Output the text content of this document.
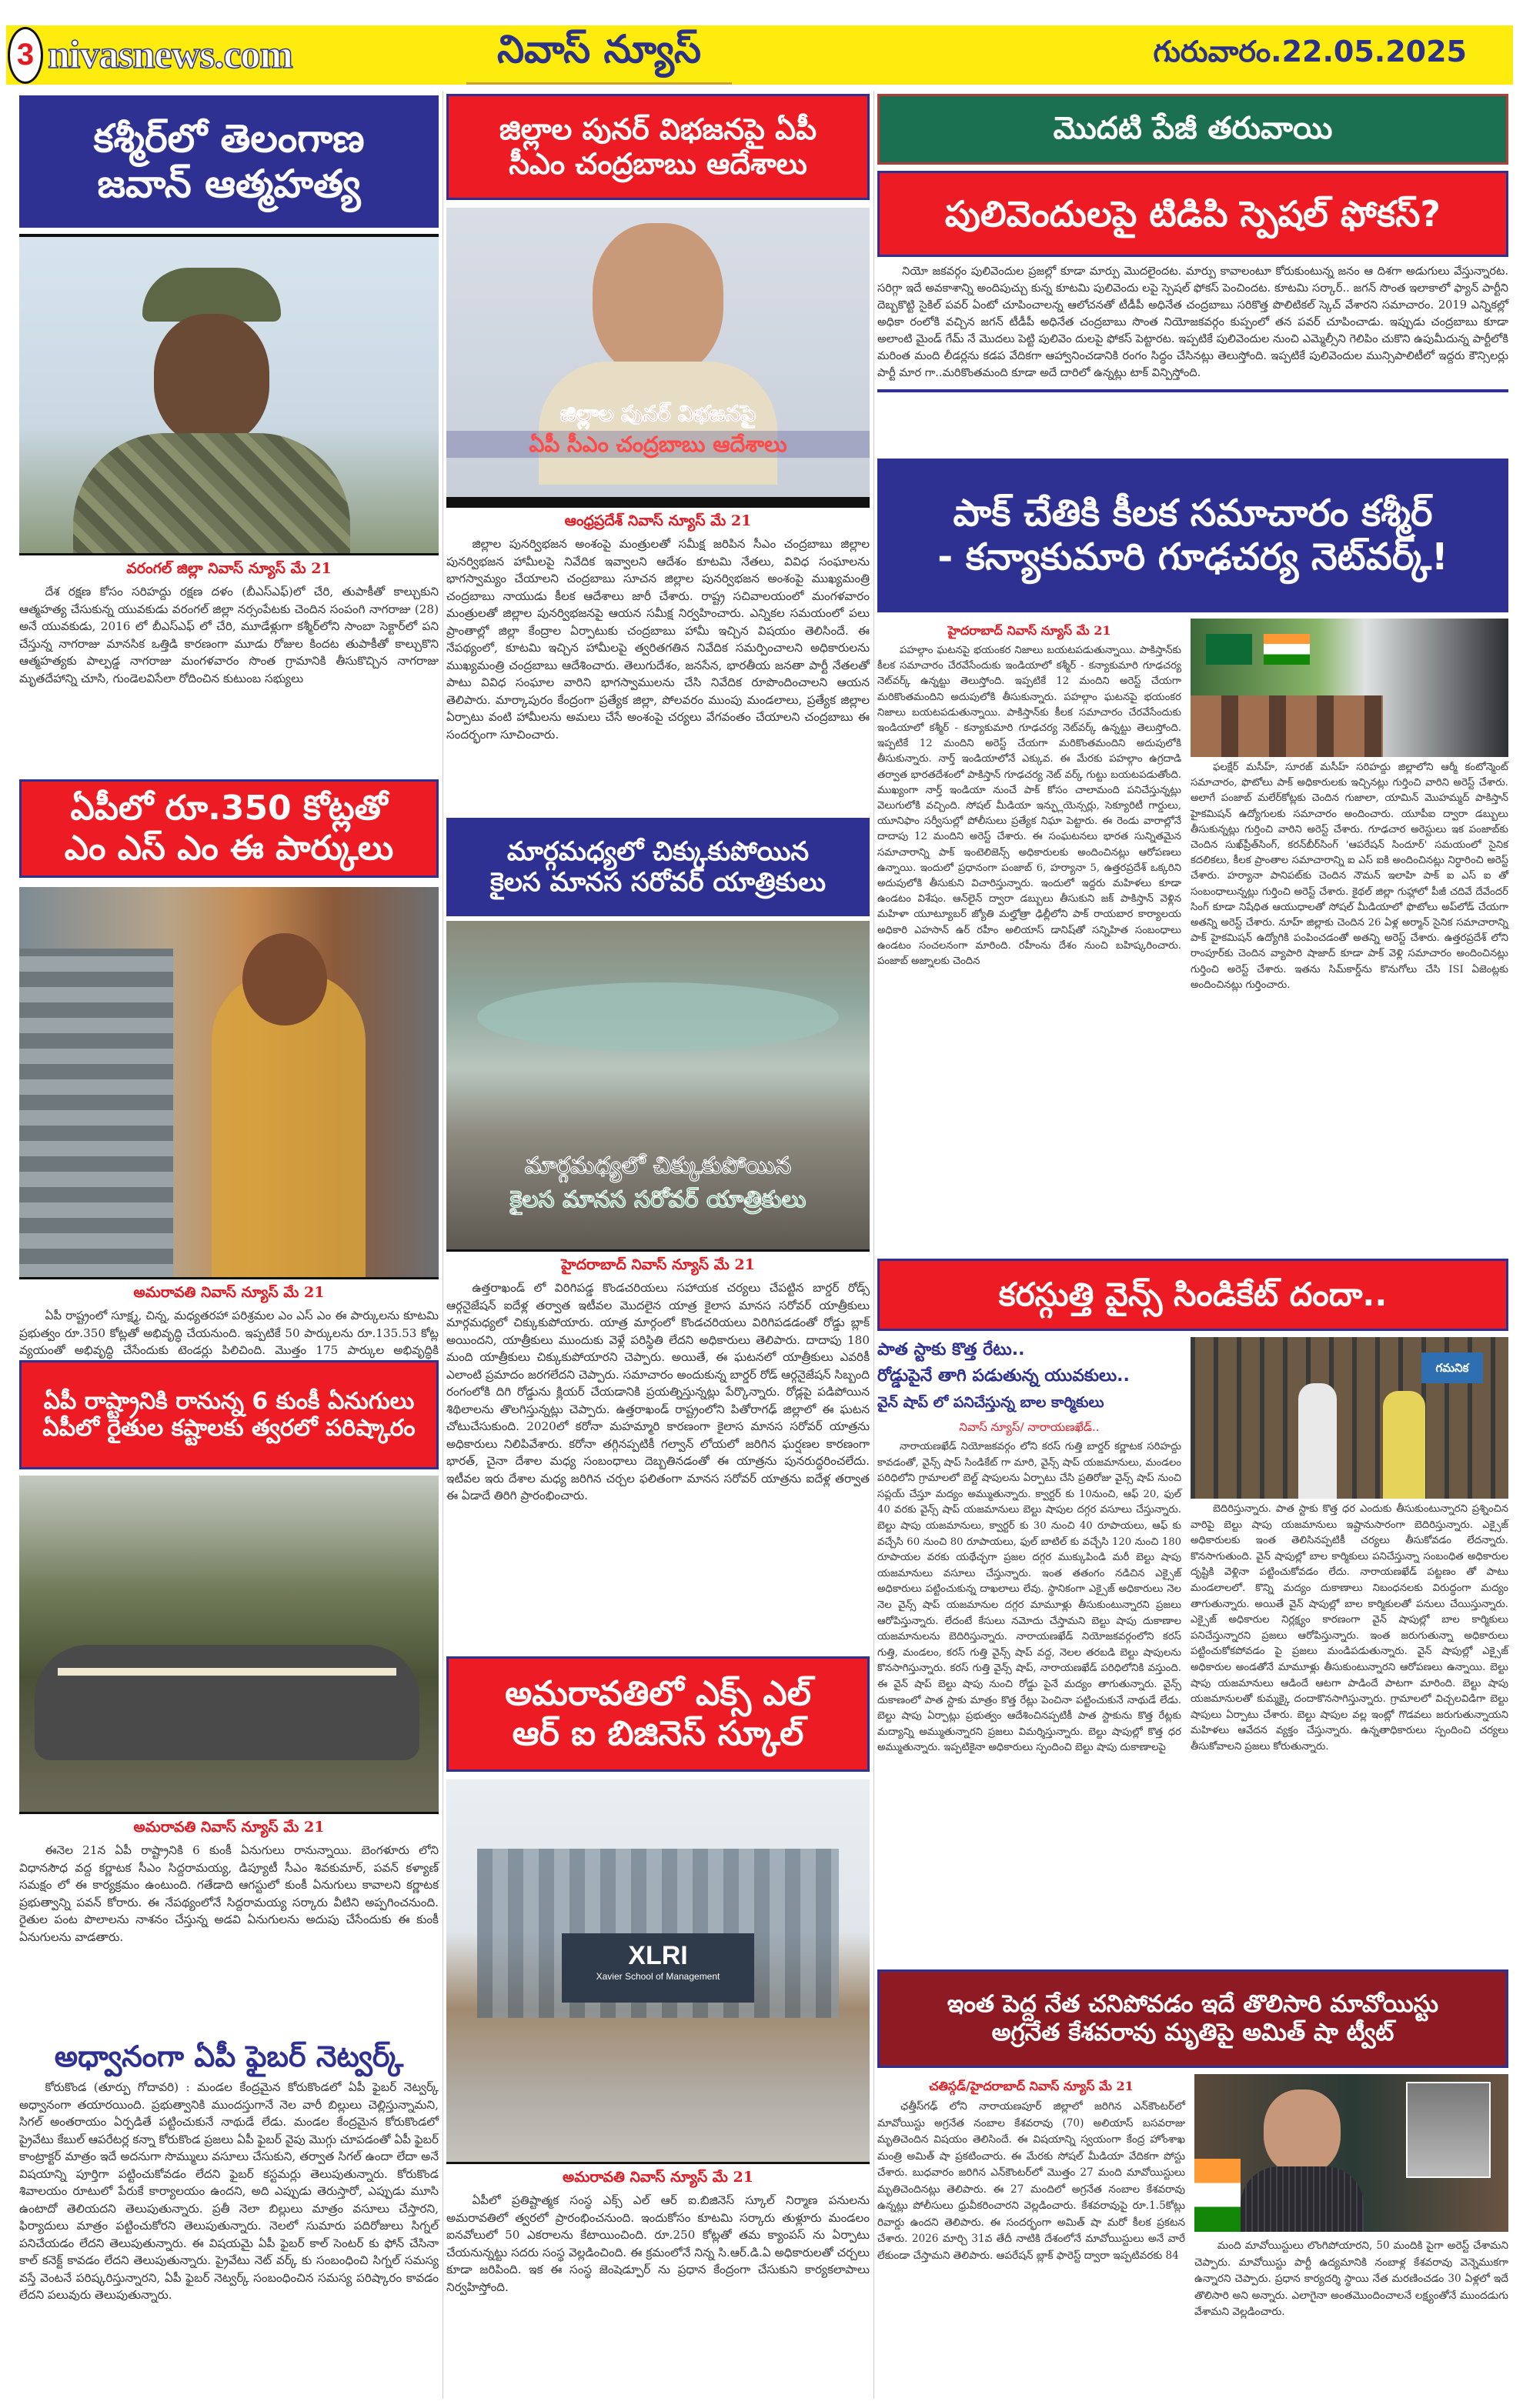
3 nivasnews.com	నివాస్ న్యూస్	గురువారం.22.05.2025
కశ్మీర్‌లో తెలంగాణ
జవాన్ ఆత్మహత్య
వరంగల్ జిల్లా నివాస్ న్యూస్ మే 21

దేశ రక్షణ కోసం సరిహద్దు రక్షణ దళం (బీఎస్ఎఫ్)లో చేరి, తుపాకీతో కాల్చుకుని ఆత్మహత్య చేసుకున్న యువకుడు వరంగల్ జిల్లా నర్సంపేటకు చెందిన సంపంగి నాగరాజు (28) అనే యువకుడు, 2016 లో బీఎస్ఎఫ్ లో చేరి, మూడేళ్లుగా కశ్మీర్‌లోని సాంబా సెక్టార్‌లో పని చేస్తున్న నాగరాజు మానసిక ఒత్తిడి కారణంగా మూడు రోజుల కిందట తుపాకీతో కాల్చుకొని ఆత్మహత్యకు పాల్పడ్డ నాగరాజు మంగళవారం సొంత గ్రామానికి తీసుకొచ్చిన నాగరాజు మృతదేహాన్ని చూసి, గుండెలవిసేలా రోదించిన కుటుంబ సభ్యులు

ఏపీలో రూ.350 కోట్లతో
ఎం ఎస్ ఎం ఈ పార్కులు
అమరావతి నివాస్ న్యూస్ మే 21

ఏపీ రాష్ట్రంలో సూక్ష్మ, చిన్న, మధ్యతరహా పరిశ్రమల ఎం ఎస్ ఎం ఈ పార్కులను కూటమి ప్రభుత్వం రూ.350 కోట్లతో అభివృద్ధి చేయనుంది. ఇప్పటికే 50 పార్కులను రూ.135.53 కోట్ల వ్యయంతో అభివృద్ధి చేసేందుకు టెండర్లు పిలిచింది. మొత్తం 175 పార్కుల అభివృద్ధికి

ఏపీ రాష్ట్రానికి రానున్న 6 కుంకీ ఏనుగులు
ఏపీలో రైతుల కష్టాలకు త్వరలో పరిష్కారం
అమరావతి నివాస్ న్యూస్ మే 21

ఈనెల 21న ఏపీ రాష్ట్రానికి 6 కుంకీ ఏనుగులు రానున్నాయి. బెంగళూరు లోని విధానసౌధ వద్ద కర్ణాటక సీఎం సిద్దరామయ్య, డిప్యూటీ సీఎం శివకుమార్, పవన్ కళ్యాణ్ సమక్షం లో ఈ కార్యక్రమం ఉంటుంది. గతేడాది ఆగస్టులో కుంకీ ఏనుగులు కావాలని కర్ణాటక ప్రభుత్వాన్ని పవన్ కోరారు. ఈ నేపథ్యంలోనే సిద్దరామయ్య సర్కారు వీటిని అప్పగించనుంది. రైతుల పంట పొలాలను నాశనం చేస్తున్న అడవి ఏనుగులను అదుపు చేసేందుకు ఈ కుంకీ ఏనుగులను వాడతారు.

అధ్వానంగా ఏపీ ఫైబర్ నెట్వర్క్

కోరుకొండ (తూర్పు గోదావరి) : మండల కేంద్రమైన కోరుకొండలో ఏపీ ఫైబర్ నెట్వర్క్ అధ్వానంగా తయారయింది. ప్రభుత్వానికి ముందస్తుగానే నెల వారీ బిల్లులు చెల్లిస్తున్నామని, సిగల్ అంతరాయం ఏర్పడితే పట్టించుకునే నాథుడే లేడు. మండల కేంద్రమైన కోరుకొండలో ప్రైవేటు కేబుల్ ఆపరేటర్ల కన్నా కోరుకొండ ప్రజలు ఏపీ ఫైబర్ వైపు మొగ్గు చూపడంతో ఏపీ ఫైబర్ కాంట్రాక్టర్ మాత్రం ఇదే అదనుగా సొమ్ములు వసూలు చేసుకుని, తర్వాత సిగల్ ఉందా లేదా అనే విషయాన్ని పూర్తిగా పట్టించుకోవడం లేదని ఫైబర్ కస్టమర్లు తెలుపుతున్నారు. కోరుకొండ శివాలయం రూటులో పేరుకే కార్యాలయం ఉందని, అది ఎప్పుడు తెరుస్తారో, ఎప్పుడు మూసి ఉంటాదో తెలియదని తెలుపుతున్నారు. ప్రతీ నెలా బిల్లులు మాత్రం వసూలు చేస్తారని, ఫిర్యాదులు మాత్రం పట్టించుకోరని తెలుపుతున్నారు. నెలలో సుమారు పదిరోజులు సిగ్నల్ పనిచేయడం లేదని తెలుపుతున్నారు. ఈ విషయమై ఏపీ ఫైబర్ కాల్ సెంటర్ కు ఫోన్ చేసినా కాల్ కనెక్ట్ కావడం లేదని తెలుపుతున్నారు. ప్రైవేటు నెట్ వర్క్ కు సంబంధించి సిగ్నల్ సమస్య వస్తే వెంటనే పరిష్కరిస్తున్నారని, ఏపీ ఫైబర్ నెట్వర్క్ సంబంధించిన సమస్య పరిష్కారం కావడం లేదని పలువురు తెలుపుతున్నారు.

జిల్లాల పునర్ విభజనపై ఏపీ
సీఎం చంద్రబాబు ఆదేశాలు
జిల్లాల పునర్ విభజనపై
ఏపీ సీఎం చంద్రబాబు ఆదేశాలు
ఆంధ్రప్రదేశ్ నివాస్ న్యూస్ మే 21

జిల్లాల పునర్విభజన అంశంపై మంత్రులతో సమీక్ష జరిపిన సీఎం చంద్రబాబు జిల్లాల పునర్విభజన హామీలపై నివేదిక ఇవ్వాలని ఆదేశం కూటమి నేతలు, వివిధ సంఘాలను భాగస్వామ్యం చేయాలని చంద్రబాబు సూచన జిల్లాల పునర్విభజన అంశంపై ముఖ్యమంత్రి చంద్రబాబు నాయుడు కీలక ఆదేశాలు జారీ చేశారు. రాష్ట్ర సచివాలయంలో మంగళవారం మంత్రులతో జిల్లాల పునర్విభజనపై ఆయన సమీక్ష నిర్వహించారు. ఎన్నికల సమయంలో పలు ప్రాంతాల్లో జిల్లా కేంద్రాల ఏర్పాటుకు చంద్రబాబు హామీ ఇచ్చిన విషయం తెలిసిందే. ఈ నేపథ్యంలో, కూటమి ఇచ్చిన హామీలపై త్వరితగతిన నివేదిక సమర్పించాలని అధికారులను ముఖ్యమంత్రి చంద్రబాబు ఆదేశించారు. తెలుగుదేశం, జనసేన, భారతీయ జనతా పార్టీ నేతలతో పాటు వివిధ సంఘాల వారిని భాగస్వాములను చేసి నివేదిక రూపొందించాలని ఆయన తెలిపారు. మార్కాపురం కేంద్రంగా ప్రత్యేక జిల్లా, పోలవరం ముంపు మండలాలు, ప్రత్యేక జిల్లాల ఏర్పాటు వంటి హామీలను అమలు చేసే అంశంపై చర్యలు వేగవంతం చేయాలని చంద్రబాబు ఈ సందర్భంగా సూచించారు.

మార్గమధ్యలో చిక్కుకుపోయిన
కైలస మానస సరోవర్ యాత్రికులు
మార్గమధ్యలో చిక్కుకుపోయిన
కైలస మానస సరోవర్ యాత్రికులు
హైదరాబాద్ నివాస్ న్యూస్ మే 21

ఉత్తరాఖండ్ లో విరిగిపడ్డ కొండచరియలు సహాయక చర్యలు చేపట్టిన బార్డర్ రోడ్స్ ఆర్గనైజేషన్ ఐదేళ్ల తర్వాత ఇటీవల మొదలైన యాత్ర కైలాస మానస సరోవర్ యాత్రీకులు మార్గమధ్యలో చిక్కుకుపోయారు. యాత్ర మార్గంలో కొండచరియలు విరిగిపడడంతో రోడ్డు బ్లాక్ అయిందని, యాత్రీకులు ముందుకు వెళ్లే పరిస్థితి లేదని అధికారులు తెలిపారు. దాదాపు 180 మంది యాత్రీకులు చిక్కుకుపోయారని చెప్పారు. అయితే, ఈ ఘటనలో యాత్రీకులు ఎవరికీ ఎలాంటి ప్రమాదం జరగలేదని చెప్పారు. సమాచారం అందుకున్న బార్డర్ రోడ్ ఆర్గనైజేషన్ సిబ్బంది రంగంలోకి దిగి రోడ్డును క్లియర్ చేయడానికి ప్రయత్నిస్తున్నట్లు పేర్కొన్నారు. రోడ్లపై పడిపోయిన శిథిలాలను తొలగిస్తున్నట్లు చెప్పారు. ఉత్తరాఖండ్ రాష్ట్రంలోని పితోరాగఢ్ జిల్లాలో ఈ ఘటన చోటుచేసుకుంది. 2020లో కరోనా మహమ్మారి కారణంగా కైలాస మానస సరోవర్ యాత్రను అధికారులు నిలిపివేశారు. కరోనా తగ్గినప్పటికీ గల్వాన్ లోయలో జరిగిన ఘర్షణల కారణంగా భారత్, చైనా దేశాల మధ్య సంబంధాలు దెబ్బతినడంతో ఈ యాత్రను పునరుద్ధరించలేదు. ఇటీవల ఇరు దేశాల మధ్య జరిగిన చర్చల ఫలితంగా మానస సరోవర్ యాత్రను ఐదేళ్ల తర్వాత ఈ ఏడాదే తిరిగి ప్రారంభించారు.

అమరావతిలో ఎక్స్ ఎల్
ఆర్ ఐ బిజినెస్ స్కూల్
XLRI
Xavier School of Management
అమరావతి నివాస్ న్యూస్ మే 21

ఏపీలో ప్రతిష్టాత్మక సంస్థ ఎక్స్ ఎల్ ఆర్ ఐ.బిజినెస్ స్కూల్ నిర్మాణ పనులను అమరావతిలో త్వరలో ప్రారంభించనుంది. ఇందుకోసం కూటమి సర్కారు తుళ్లూరు మండలం ఐనవోలులో 50 ఎకరాలను కేటాయించింది. రూ.250 కోట్లతో తమ క్యాంపస్ ను ఏర్పాటు చేయనున్నట్టు సదరు సంస్థ వెల్లడించింది. ఈ క్రమంలోనే నిన్న సి.ఆర్.డి.ఏ అధికారులతో చర్చలు కూడా జరిపింది. ఇక ఈ సంస్థ జెంషెడ్పూర్ ను ప్రధాన కేంద్రంగా చేసుకుని కార్యకలాపాలు నిర్వహిస్తోంది.

మొదటి పేజీ తరువాయి
పులివెందులపై టిడిపి స్పెషల్ ఫోకస్?

నియో జకవర్గం పులివెందుల ప్రజల్లో కూడా మార్పు మొదలైందట. మార్పు కావాలంటూ కోరుకుంటున్న జనం ఆ దిశగా అడుగులు వేస్తున్నారట. సరిగ్గా ఇదే అవకాశాన్ని అందిపుచ్చు కున్న కూటమి పులివెందు లపై స్పెషల్ ఫోకస్ పెంచిందట. కూటమి సర్కార్.. జగన్ సొంత ఇలాకాలో ఫ్యాన్ పార్టీని దెబ్బకొట్టి సైకిల్ పవర్ ఏంటో చూపించాలన్న ఆలోచనతో టీడీపీ అధినేత చంద్రబాబు సరికొత్త పొలిటికల్ స్కెచ్ వేశారని సమాచారం. 2019 ఎన్నికల్లో అధికా రంలోకి వచ్చిన జగన్ టీడీపీ అధినేత చంద్రబాబు సొంత నియోజకవర్గం కుప్పంలో తన పవర్ చూపించాడు. ఇప్పుడు చంద్రబాబు కూడా అలాంటి మైండ్ గేమ్ నే మొదలు పెట్టి పులివెం దులపై ఫోకస్ పెట్టారట. ఇప్పటికే పులివెందుల నుంచి ఎమ్మెల్సీని గెలిపిం చుకొని ఉపుమీదున్న పార్టీలోకి మరింత మంది లీడర్లను కడప వేదికగా ఆహ్వానించడానికి రంగం సిద్ధం చేసినట్లు తెలుస్తోంది. ఇప్పటికే పులివెందుల మున్సిపాలిటీలో ఇద్దరు కౌన్సిలర్లు పార్టీ మార గా..మరికొంతమంది కూడా అదే దారిలో ఉన్నట్లు టాక్ విన్పిస్తోంది.

పాక్ చేతికి కీలక సమాచారం కశ్మీర్
- కన్యాకుమారి గూఢచర్య నెట్‌వర్క్!
హైదరాబాద్ నివాస్ న్యూస్ మే 21

పహల్గాం ఘటనపై భయంకర నిజాలు బయటపడుతున్నాయి. పాకిస్తాన్‌కు కీలక సమాచారం చేరవేసేందుకు ఇండియాలో కశ్మీర్ - కన్యాకుమారి గూఢచర్య నెట్‌వర్క్ ఉన్నట్టు తెలుస్తోంది. ఇప్పటికే 12 మందిని అరెస్ట్ చేయగా మరికొంతమందిని అదుపులోకి తీసుకున్నారు. పహల్గాం ఘటనపై భయంకర నిజాలు బయటపడుతున్నాయి. పాకిస్తాన్‌కు కీలక సమాచారం చేరవేసేందుకు ఇండియాలో కశ్మీర్ - కన్యాకుమారి గూఢచర్య నెట్‌వర్క్ ఉన్నట్టు తెలుస్తోంది. ఇప్పటికే 12 మందిని అరెస్ట్ చేయగా మరికొంతమందిని అదుపులోకి తీసుకున్నారు. నార్త్ ఇండియాలోనే ఎక్కువ. ఈ మేరకు పహల్గాం ఉగ్రదాడి తర్వాత భారతదేశంలో పాకిస్తాన్ గూఢచర్య నెట్ వర్క్ గుట్టు బయటపడుతోంది. ముఖ్యంగా నార్త్ ఇండియా నుంచే పాక్ కోసం చాలామంది పనిచేస్తున్నట్లు వెలుగులోకి వచ్చింది. సోషల్ మీడియా ఇన్ఫ్లుయెన్సర్లు, సెక్యూరిటీ గార్డులు, యూనిఫాం సర్వీసుల్లో పోలీసులు ప్రత్యేక నిఘా పెట్టారు. ఈ రెండు వారాల్లోనే దాదాపు 12 మందిని అరెస్ట్ చేశారు. ఈ సంఘటనలు భారత సున్నితమైన సమాచారాన్ని పాక్ ఇంటెలిజెన్స్ అధికారులకు అందించినట్లు ఆరోపణలు ఉన్నాయి. ఇందులో ప్రధానంగా పంజాబ్ 6, హర్యానా 5, ఉత్తరప్రదేశ్ ఒక్కరిని అదుపులోకి తీసుకుని విచారిస్తున్నారు. ఇందులో ఇద్దరు మహిళలు కూడా ఉండటం విశేషం. ఆన్‌లైన్ ద్వారా డబ్బులు తీసుకుని జక్ పాకిస్తాన్ వెళ్లిన మహిళా యూట్యూబర్ జ్యోతి మల్హోత్రా ఢిల్లీలోని పాక్ రాయబార కార్యాలయ అధికారి ఎహసాన్ ఉర్ రహీం అలియాస్ డానిష్‌తో సన్నిహిత సంబంధాలు ఉండటం సంచలనంగా మారింది. రహీంను దేశం నుంచి బహిష్కరించారు. పంజాబ్ అజ్నాలకు చెందిన

ఫలక్షేర్ మసీహ్, సూరజ్ మసీహ్ సరిహద్దు జిల్లాలోని ఆర్మీ కంటోన్మెంట్ సమాచారం, ఫొటోలు పాక్ అధికారులకు ఇచ్చినట్లు గుర్తించి వారిని అరెస్ట్ చేశారు. అలాగే పంజాబ్ మలేర్‌కోట్లకు చెందిన గుజాలా, యామిన్ మొహమ్మద్ పాకిస్తాన్ హైకమిషన్ ఉద్యోగులకు సమాచారం అందించారు. యూపీఐ ద్వారా డబ్బులు తీసుకున్నట్లు గుర్తించి వారిని అరెస్ట్ చేశారు. గూఢచార అరెస్టులు ఇక పంజాబ్‌కు చెందిన సుఖ్‌ప్రీత్‌సింగ్, కరన్‌బీర్‌సింగ్ 'ఆపరేషన్ సిందూర్' సమయంలో సైనిక కదలికలు, కీలక ప్రాంతాల సమాచారాన్ని ఐ ఎస్ ఐకి అందించినట్లు నిర్ధారించి అరెస్ట్ చేశారు. హర్యానా పానిపట్‌కు చెందిన నౌమన్ ఇలాహి పాక్ ఐ ఎస్ ఐ తో సంబంధాలున్నట్లు గుర్తించి అరెస్ట్ చేశారు. కైథల్ జిల్లా గుహ్లాలో పీజీ చదివే దేవేందర్ సింగ్ కూడా నిషేధిత ఆయుధాలతో సోషల్ మీడియాలో ఫొటోలు అప్‌లోడ్ చేయగా అతన్ని అరెస్ట్ చేశారు. నూహ్ జిల్లాకు చెందిన 26 ఏళ్ల అర్మాన్ సైనిక సమాచారాన్ని పాక్ హైకమిషన్ ఉద్యోగికి పంపించడంతో అతన్ని అరెస్ట్ చేశారు. ఉత్తరప్రదేశ్ లోని రాంపూర్‌కు చెందిన వ్యాపారి షాజాద్ కూడా పాక్ వెళ్లి సమాచారం అందించినట్లు గుర్తించి అరెస్ట్ చేశారు. ఇతను సిమ్‌కార్డ్‌ను కొనుగోలు చేసి ISI ఏజెంట్లకు అందించినట్లు గుర్తించారు.

కరస్గుత్తి వైన్స్ సిండికేట్ దందా..
పాత స్టాకు కొత్త రేటు..
రోడ్డుపైనే తాగి పడుతున్న యువకులు..
వైన్ షాప్ లో పనిచేస్తున్న బాల కార్మికులు
నివాస్ న్యూస్/ నారాయణఖేడ్..

నారాయణఖేడ్ నియోజకవర్గం లోని కరస్ గుత్తి బార్డర్ కర్ణాటక సరిహద్దు కావడంతో, వైన్స్ షాప్ సిండికేట్ గా మారి, వైన్స్ షాప్ యజమానులు, మండలం పరిధిలోని గ్రామాలలో బెల్ట్ షాపులను ఏర్పాటు చేసి ప్రతిరోజు వైన్స్ షాప్ నుంచి సప్లయ్ చేస్తూ మద్యం అమ్ముతున్నారు. క్వార్టర్ కు 10నుంచి, ఆఫ్ 20, ఫుల్ 40 వరకు వైన్స్ షాప్ యజమానులు బెల్టు షాపుల దగ్గర వసూలు చేస్తున్నారు. బెల్టు షాపు యజమానులు, క్వార్టర్ కు 30 నుంచి 40 రూపాయలు, ఆఫ్ కు వచ్చేసి 60 నుంచి 80 రూపాయలు, ఫుల్ బాటిల్ కు వచ్చేసి 120 నుంచి 180 రూపాయల వరకు యథేచ్ఛగా ప్రజల దగ్గర ముక్కుపిండి మరీ బెల్టు షాపు యజమానులు వసూలు చేస్తున్నారు. ఇంత తతంగం నడిచిన ఎక్సైజ్ అధికారులు పట్టించుకున్న దాఖలాలు లేవు. స్థానికంగా ఎక్సైజ్ అధికారులు నెల నెల వైన్స్ షాప్ యజమానుల దగ్గర మామూళ్లు తీసుకుంటున్నారని ప్రజలు ఆరోపిస్తున్నారు. లేదంటే కేసులు నమోదు చేస్తామని బెల్టు షాపు దుకాణాల యజమానులను బెదిరిస్తున్నారు. నారాయణఖేడ్ నియోజకవర్గంలోని కరస్ గుత్తి, మండలం, కరస్ గుత్తి వైన్స్ షాప్ వద్ద, నెలల తరబడి బెల్టు షాపులను కొనసాగిస్తున్నారు. కరస్ గుత్తి వైన్స్ షాప్, నారాయణఖేడ్ పరిధిలోనికి వస్తుంది. ఈ వైన్ షాప్ బెల్టు షాపు నుంచి రోడ్డు పైనే మద్యం తాగుతున్నారు. వైన్స్ దుకాణంలో పాత స్టాకు మాత్రం కొత్త రేట్లు పెంచినా పట్టించుకునే నాథుడే లేడు. బెల్టు షాపు ఏర్పాట్లు ప్రభుత్వం ఆదేశించినప్పటికీ పాత స్టాకును కొత్త రేట్లకు మద్యాన్ని అమ్ముతున్నారని ప్రజలు విమర్శిస్తున్నారు. బెల్టు షాపుల్లో కొత్త ధర అమ్ముతున్నారు. ఇప్పటికైనా అధికారులు స్పందించి బెల్టు షాపు దుకాణాలపై

గమనిక

బెదిరిస్తున్నారు. పాత స్టాకు కొత్త ధర ఎందుకు తీసుకుంటున్నారని ప్రశ్నించిన వారిపై బెల్టు షాపు యజమానులు ఇష్టానుసారంగా బెదిరిస్తున్నారు. ఎక్సైజ్ అధికారులకు ఇంత తెలిసినప్పటికీ చర్యలు తీసుకోవడం లేదన్నారు. కొనసాగుతుంది. వైన్ షాపుల్లో బాల కార్మికులు పనిచేస్తున్నా సంబంధిత అధికారుల దృష్టికి వెళ్లినా పట్టించుకోవడం లేదు. నారాయణఖేడ్ పట్టణం తో పాటు మండలాలలో. కొన్ని మద్యం దుకాణాలు నిబంధనలకు విరుద్ధంగా మద్యం తాగుతున్నారు. అయితే వైన్ షాపుల్లో బాల కార్మికులతో పనులు చేయిస్తున్నారు. ఎక్సైజ్ అధికారుల నిర్లక్ష్యం కారణంగా వైన్ షాపుల్లో బాల కార్మికులు పనిచేస్తున్నారని ప్రజలు ఆరోపిస్తున్నారు. ఇంత జరుగుతున్నా అధికారులు పట్టించుకోకపోవడం పై ప్రజలు మండిపడుతున్నారు. వైన్ షాపుల్లో ఎక్సైజ్ అధికారుల అండతోనే మామూళ్లు తీసుకుంటున్నారని ఆరోపణలు ఉన్నాయి. బెల్టు షాపు యజమానులు ఆడిందే ఆటగా పాడిందే పాటగా మారింది. బెల్టు షాపు యజమానులతో కుమ్మక్కై దందాకొనసాగిస్తున్నారు. గ్రామాలలో విచ్చలవిడిగా బెల్టు షాపులు ఏర్పాటు చేశారు. బెల్టు షాపుల వల్ల ఇంట్లో గొడవలు జరుగుతున్నాయని మహిళలు ఆవేదన వ్యక్తం చేస్తున్నారు. ఉన్నతాధికారులు స్పందించి చర్యలు తీసుకోవాలని ప్రజలు కోరుతున్నారు.

ఇంత పెద్ద నేత చనిపోవడం ఇదే తొలిసారి మావోయిస్టు
అగ్రనేత కేశవరావు మృతిపై అమిత్ షా ట్వీట్
చతిస్గడ్/హైదరాబాద్ నివాస్ న్యూస్ మే 21

ఛత్తీస్‌గఢ్ లోని నారాయణపూర్ జిల్లాలో జరిగిన ఎన్‌కౌంటర్‌లో మావోయిస్టు అగ్రనేత నంబాల కేశవరావు (70) అలియాస్ బసవరాజు మృతిచెందిన విషయం తెలిసిందే. ఈ విషయాన్ని స్వయంగా కేంద్ర హోంశాఖ మంత్రి అమిత్ షా ప్రకటించారు. ఈ మేరకు సోషల్ మీడియా వేదికగా పోస్టు చేశారు. బుధవారం జరిగిన ఎన్‌కౌంటర్‌లో మొత్తం 27 మంది మావోయిస్టులు మృతిచెందినట్లు తెలిపారు. ఈ 27 మందిలో అగ్రనేత నంబాల కేశవరావు ఉన్నట్లు పోలీసులు ధ్రువీకరించారని వెల్లడించారు. కేశవరావుపై రూ.1.5కోట్లు రివార్డు ఉందని తెలిపారు. ఈ సందర్భంగా అమిత్ షా మరో కీలక ప్రకటన చేశారు. 2026 మార్చి 31వ తేదీ నాటికి దేశంలోనే మావోయిస్టులు అనే వారే లేకుండా చేస్తామని తెలిపారు. ఆపరేషన్ బ్లాక్ ఫారెస్ట్ ద్వారా ఇప్పటివరకు 84

మంది మావోయిస్టులు లొంగిపోయారని, 50 మందికి పైగా అరెస్ట్ చేశామని చెప్పారు. మావోయిస్టు పార్టీ ఉద్యమానికి నంబాళ్ల కేశవరావు వెన్నెముకగా ఉన్నారని చెప్పారు. ప్రధాన కార్యదర్శి స్థాయి నేత మరణించడం 30 ఏళ్లలో ఇదే తొలిసారి అని అన్నారు. ఎలాగైనా అంతమొందించాలనే లక్ష్యంతోనే ముందడుగు వేశామని వెల్లడించారు.
